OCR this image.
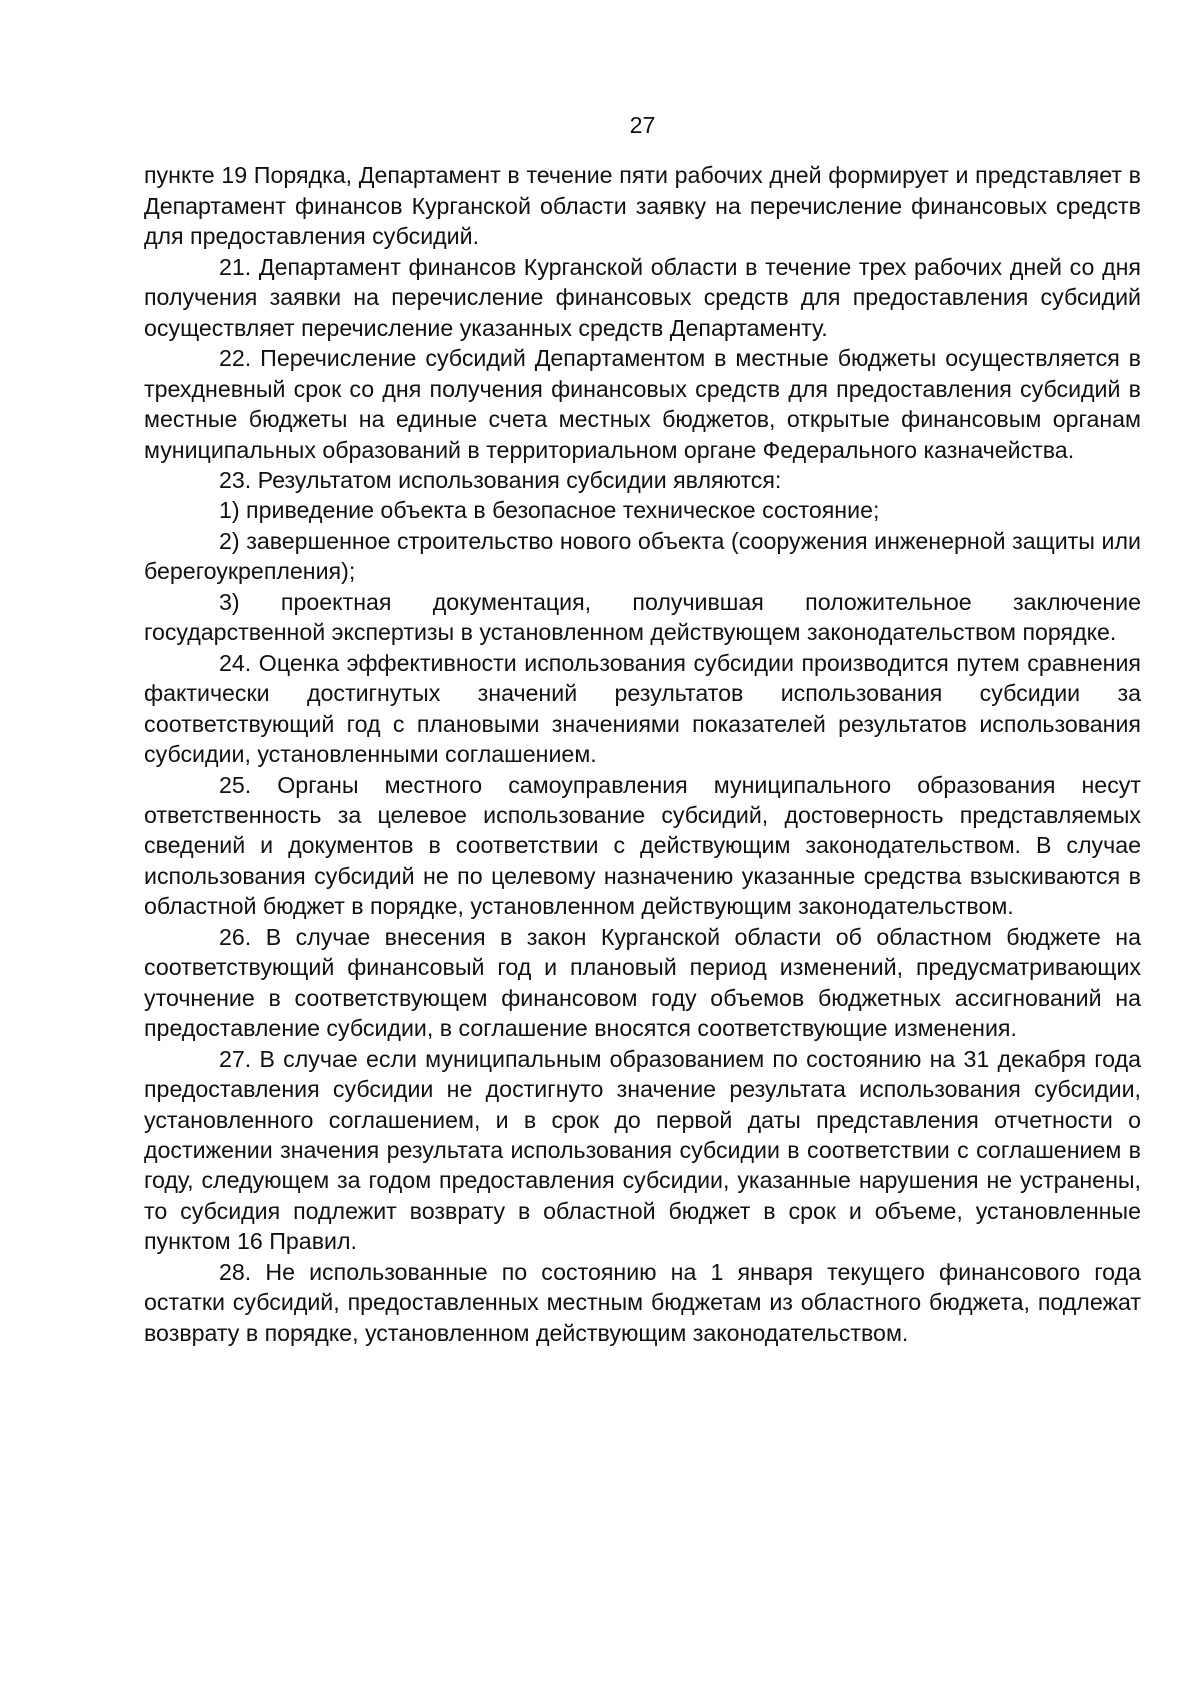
27

пункте 19 Порядка, Департамент в течение пяти рабочих дней формирует и представляет в Департамент финансов Курганской области заявку на перечисление финансовых средств для предоставления субсидий.

21. Департамент финансов Курганской области в течение трех рабочих дней со дня получения заявки на перечисление финансовых средств для предоставления субсидий осуществляет перечисление указанных средств Департаменту.

22. Перечисление субсидий Департаментом в местные бюджеты осуществляется в трехдневный срок со дня получения финансовых средств для предоставления субсидий в местные бюджеты на единые счета местных бюджетов, открытые финансовым органам муниципальных образований в территориальном органе Федерального казначейства.

23. Результатом использования субсидии являются:

1) приведение объекта в безопасное техническое состояние;

2) завершенное строительство нового объекта (сооружения инженерной защиты или берегоукрепления);

3) проектная документация, получившая положительное заключение государственной экспертизы в установленном действующем законодательством порядке.

24. Оценка эффективности использования субсидии производится путем сравнения фактически достигнутых значений результатов использования субсидии за соответствующий год с плановыми значениями показателей результатов использования субсидии, установленными соглашением.

25. Органы местного самоуправления муниципального образования несут ответственность за целевое использование субсидий, достоверность представляемых сведений и документов в соответствии с действующим законодательством. В случае использования субсидий не по целевому назначению указанные средства взыскиваются в областной бюджет в порядке, установленном действующим законодательством.

26. В случае внесения в закон Курганской области об областном бюджете на соответствующий финансовый год и плановый период изменений, предусматривающих уточнение в соответствующем финансовом году объемов бюджетных ассигнований на предоставление субсидии, в соглашение вносятся соответствующие изменения.

27. В случае если муниципальным образованием по состоянию на 31 декабря года предоставления субсидии не достигнуто значение результата использования субсидии, установленного соглашением, и в срок до первой даты представления отчетности о достижении значения результата использования субсидии в соответствии с соглашением в году, следующем за годом предоставления субсидии, указанные нарушения не устранены, то субсидия подлежит возврату в областной бюджет в срок и объеме, установленные пунктом 16 Правил.

28. Не использованные по состоянию на 1 января текущего финансового года остатки субсидий, предоставленных местным бюджетам из областного бюджета, подлежат возврату в порядке, установленном действующим законодательством.
